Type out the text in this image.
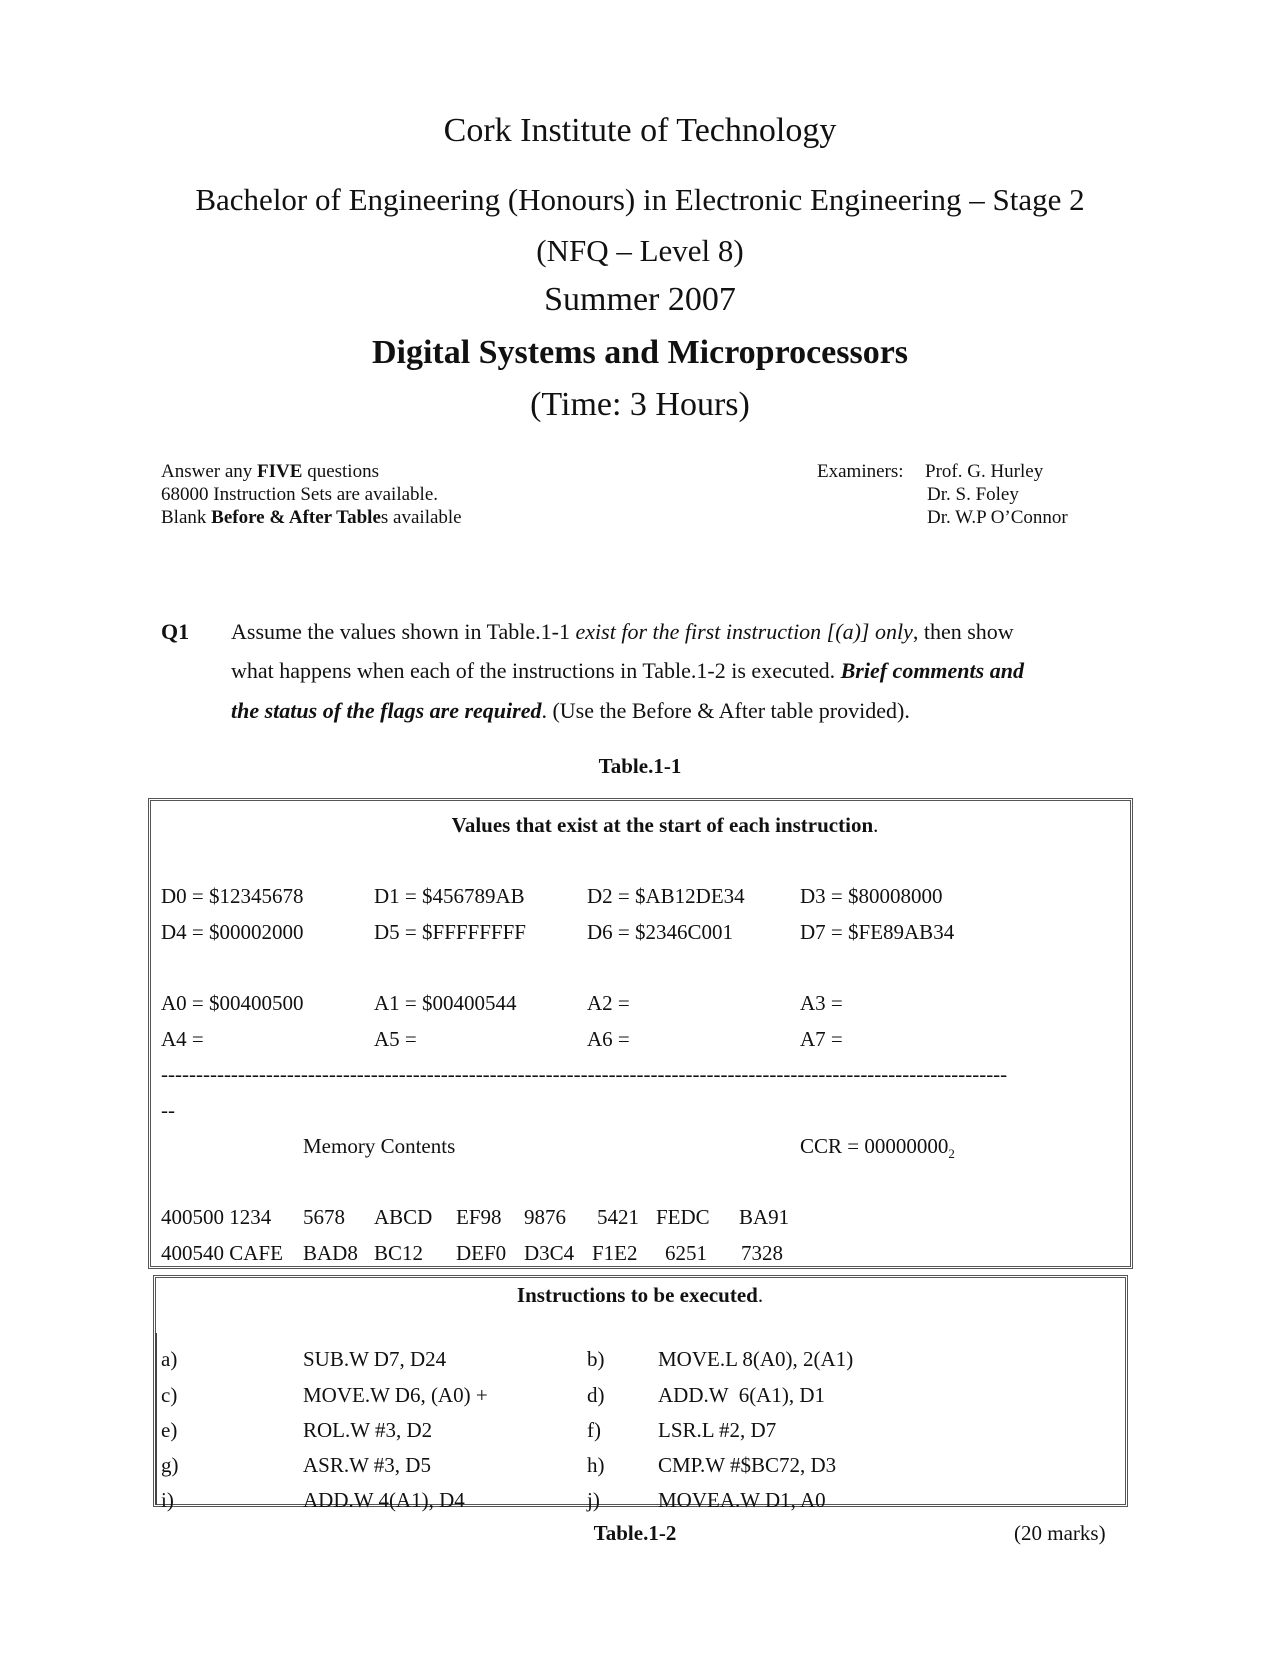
Cork Institute of Technology
Bachelor of Engineering (Honours) in Electronic Engineering – Stage 2
(NFQ – Level 8)
Summer 2007
Digital Systems and Microprocessors
(Time: 3 Hours)
Answer any FIVE questions
68000 Instruction Sets are available.
Blank Before & After Tables available
Examiners: Prof. G. Hurley
Dr. S. Foley
Dr. W.P O’Connor
Q1 Assume the values shown in Table.1-1 exist for the first instruction [(a)] only, then show
what happens when each of the instructions in Table.1-2 is executed. Brief comments and
the status of the flags are required. (Use the Before & After table provided).
Table.1-1
Values that exist at the start of each instruction.
D0 = $12345678	D1 = $456789AB	D2 = $AB12DE34	D3 = $80008000
D4 = $00002000	D5 = $FFFFFFFF	D6 = $2346C001	D7 = $FE89AB34
A0 = $00400500	A1 = $00400544	A2 =	A3 =
A4 =	A5 =	A6 =	A7 =
-------------------------------------------------------------------------------------------------------------------------
--
Memory Contents	CCR = $00000000_2$
400500 1234 5678 ABCD EF98 9876 5421 FEDC BA91
400540 CAFE BAD8 BC12 DEF0 D3C4 F1E2 6251 7328
Instructions to be executed.
a)	SUB.W D7, D24	b)	MOVE.L 8(A0), 2(A1)
c)	MOVE.W D6, (A0) +	d)	ADD.W  6(A1), D1
e)	ROL.W #3, D2	f)	LSR.L #2, D7
g)	ASR.W #3, D5	h)	CMP.W #$BC72, D3
i)	ADD.W 4(A1), D4	j)	MOVEA.W D1, A0
Table.1-2	(20 marks)
